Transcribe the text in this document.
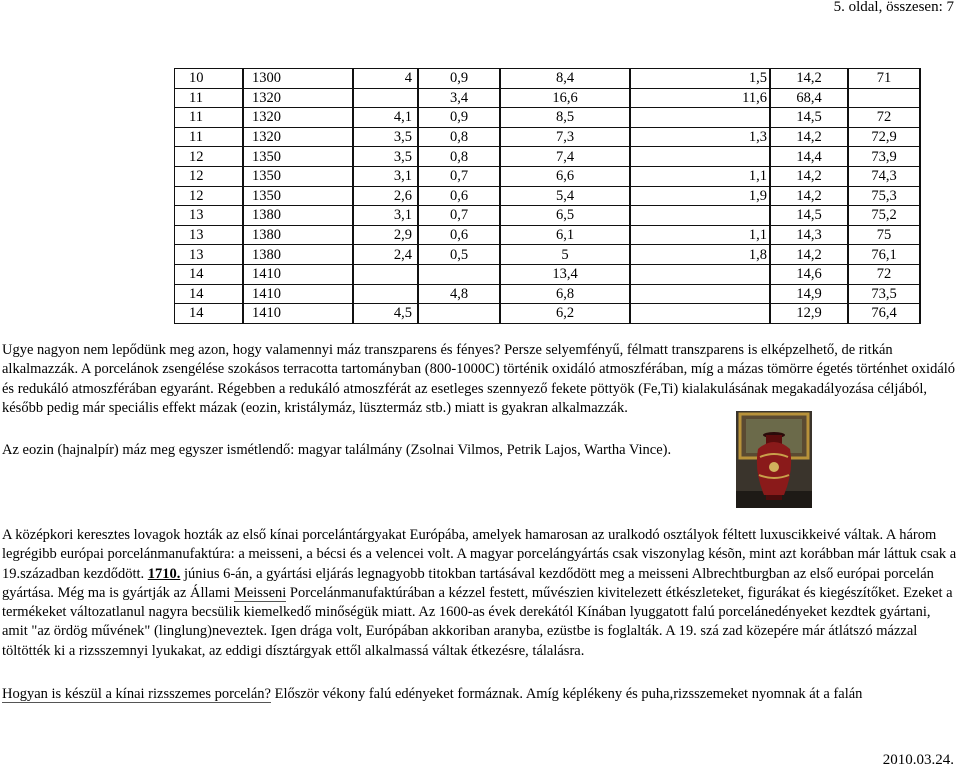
5. oldal, összesen: 7
10	1300	4	0,9	8,4	1,5	14,2	71
11	1320		3,4	16,6	11,6	68,4	
11	1320	4,1	0,9	8,5		14,5	72
11	1320	3,5	0,8	7,3	1,3	14,2	72,9
12	1350	3,5	0,8	7,4		14,4	73,9
12	1350	3,1	0,7	6,6	1,1	14,2	74,3
12	1350	2,6	0,6	5,4	1,9	14,2	75,3
13	1380	3,1	0,7	6,5		14,5	75,2
13	1380	2,9	0,6	6,1	1,1	14,3	75
13	1380	2,4	0,5	5	1,8	14,2	76,1
14	1410			13,4		14,6	72
14	1410		4,8	6,8		14,9	73,5
14	1410	4,5		6,2		12,9	76,4

Ugye nagyon nem lepődünk meg azon, hogy valamennyi máz transzparens és fényes? Persze selyemfényű, félmatt transzparens is elképzelhető, de ritkán alkalmazzák. A porcelánok zsengélése szokásos terracotta tartományban (800-1000C) történik oxidáló atmoszférában, míg a mázas tömörre égetés történhet oxidáló és redukáló atmoszférában egyaránt. Régebben a redukáló atmoszférát az esetleges szennyező fekete pöttyök (Fe,Ti) kialakulásának megakadályozása céljából, később pedig már speciális effekt mázak (eozin, kristálymáz, lüsztermáz stb.) miatt is gyakran alkalmazzák.

Az eozin (hajnalpír) máz meg egyszer ismétlendő: magyar találmány (Zsolnai Vilmos, Petrik Lajos, Wartha Vince).

A középkori keresztes lovagok hozták az első kínai porcelántárgyakat Európába, amelyek hamarosan az uralkodó osztályok féltett luxuscikkeivé váltak. A három legrégibb európai porcelánmanufaktúra: a meisseni, a bécsi és a velencei volt. A magyar porcelángyártás csak viszonylag késõn, mint azt korábban már láttuk csak a 19.században kezdődött. 1710. június 6-án, a gyártási eljárás legnagyobb titokban tartásával kezdődött meg a meisseni Albrechtburgban az első európai porcelán gyártása. Még ma is gyártják az Állami Meisseni Porcelánmanufaktúrában a kézzel festett, művészien kivitelezett étkészleteket, figurákat és kiegészítőket. Ezeket a termékeket változatlanul nagyra becsülik kiemelkedő minőségük miatt. Az 1600-as évek derekától Kínában lyuggatott falú porcelánedényeket kezdtek gyártani, amit "az ördög művének" (linglung)neveztek. Igen drága volt, Európában akkoriban aranyba, ezüstbe is foglalták. A 19. szá zad közepére már átlátszó mázzal töltötték ki a rizsszemnyi lyukakat, az eddigi dísztárgyak ettől alkalmassá váltak étkezésre, tálalásra.

Hogyan is készül a kínai rizsszemes porcelán? Először vékony falú edényeket formáznak. Amíg képlékeny és puha,rizsszemeket nyomnak át a falán

2010.03.24.
